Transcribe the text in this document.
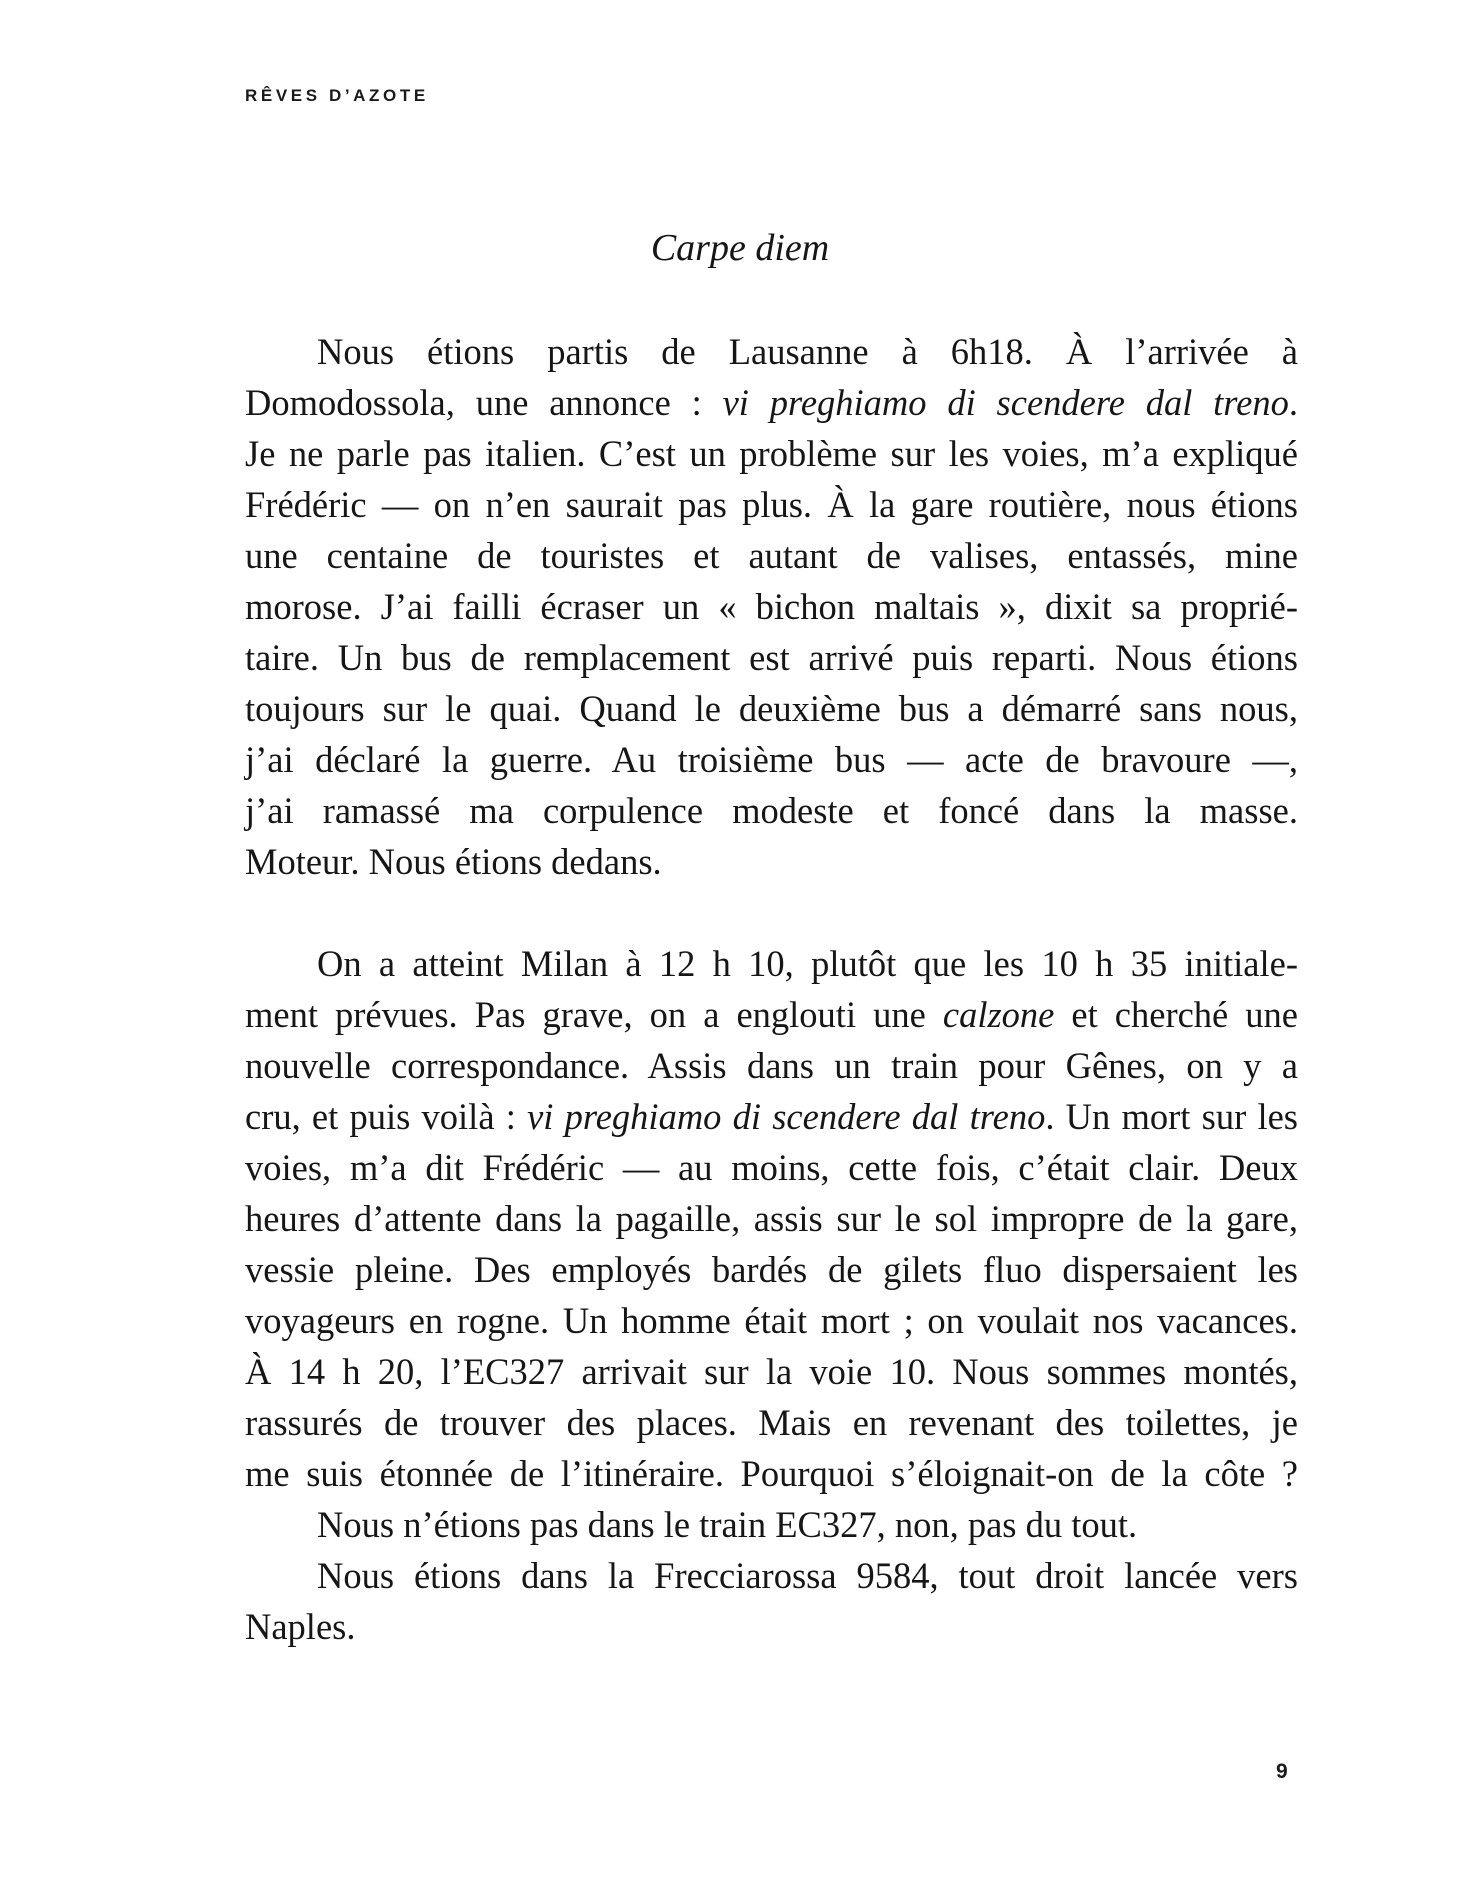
RÊVES D’AZOTE
Carpe diem
Nous étions partis de Lausanne à 6h18. À l’arrivée à
Domodossola, une annonce : vi preghiamo di scendere dal treno.
Je ne parle pas italien. C’est un problème sur les voies, m’a expliqué
Frédéric — on n’en saurait pas plus. À la gare routière, nous étions
une centaine de touristes et autant de valises, entassés, mine
morose. J’ai failli écraser un « bichon maltais », dixit sa proprié-
taire. Un bus de remplacement est arrivé puis reparti. Nous étions
toujours sur le quai. Quand le deuxième bus a démarré sans nous,
j’ai déclaré la guerre. Au troisième bus — acte de bravoure —,
j’ai ramassé ma corpulence modeste et foncé dans la masse.
Moteur. Nous étions dedans.
On a atteint Milan à 12 h 10, plutôt que les 10 h 35 initiale-
ment prévues. Pas grave, on a englouti une calzone et cherché une
nouvelle correspondance. Assis dans un train pour Gênes, on y a
cru, et puis voilà : vi preghiamo di scendere dal treno. Un mort sur les
voies, m’a dit Frédéric — au moins, cette fois, c’était clair. Deux
heures d’attente dans la pagaille, assis sur le sol impropre de la gare,
vessie pleine. Des employés bardés de gilets fluo dispersaient les
voyageurs en rogne. Un homme était mort ; on voulait nos vacances.
À 14 h 20, l’EC327 arrivait sur la voie 10. Nous sommes montés,
rassurés de trouver des places. Mais en revenant des toilettes, je
me suis étonnée de l’itinéraire. Pourquoi s’éloignait-on de la côte ?
Nous n’étions pas dans le train EC327, non, pas du tout.
Nous étions dans la Frecciarossa 9584, tout droit lancée vers
Naples.
9
